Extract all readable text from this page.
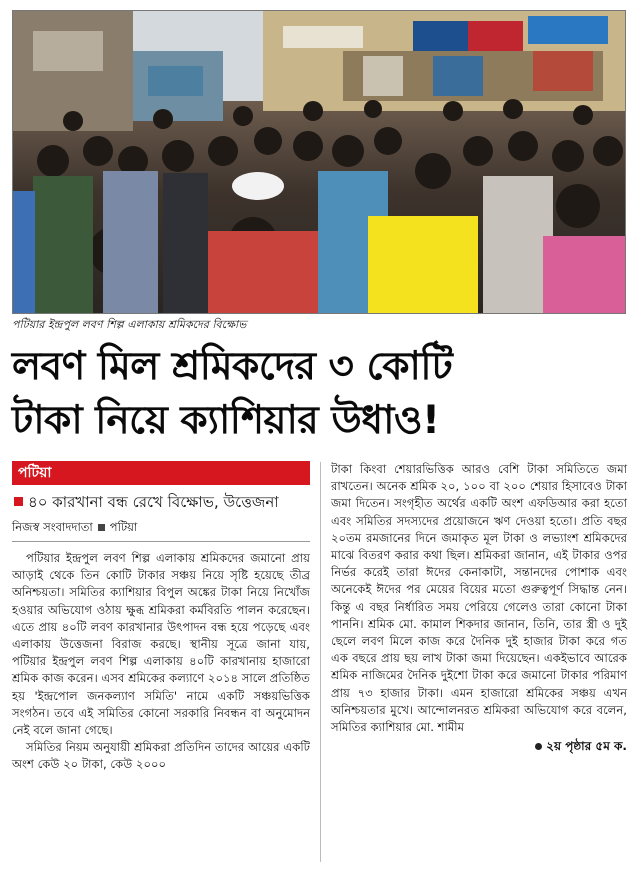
পটিয়ার ইন্দ্রপুল লবণ শিল্প এলাকায় শ্রমিকদের বিক্ষোভ
লবণ মিল শ্রমিকদের ৩ কোটি
টাকা নিয়ে ক্যাশিয়ার উধাও!
পটিয়া
৪০ কারখানা বন্ধ রেখে বিক্ষোভ, উত্তেজনা
নিজস্ব সংবাদদাতা পটিয়া

পটিয়ার ইন্দ্রপুল লবণ শিল্প এলাকায় শ্রমিকদের জমানো প্রায় আড়াই থেকে তিন কোটি টাকার সঞ্চয় নিয়ে সৃষ্টি হয়েছে তীব্র অনিশ্চয়তা। সমিতির ক্যাশিয়ার বিপুল অঙ্কের টাকা নিয়ে নিখোঁজ হওয়ার অভিযোগ ওঠায় ক্ষুব্ধ শ্রমিকরা কর্মবিরতি পালন করেছেন। এতে প্রায় ৪০টি লবণ কারখানার উৎপাদন বন্ধ হয়ে পড়েছে এবং এলাকায় উত্তেজনা বিরাজ করছে। স্থানীয় সূত্রে জানা যায়, পটিয়ার ইন্দ্রপুল লবণ শিল্প এলাকায় ৪০টি কারখানায় হাজারো শ্রমিক কাজ করেন। এসব শ্রমিকের কল্যাণে ২০১৪ সালে প্রতিষ্ঠিত হয় 'ইন্দ্রপোল জনকল্যাণ সমিতি' নামে একটি সঞ্চয়ভিত্তিক সংগঠন। তবে এই সমিতির কোনো সরকারি নিবন্ধন বা অনুমোদন নেই বলে জানা গেছে।

সমিতির নিয়ম অনুযায়ী শ্রমিকরা প্রতিদিন তাদের আয়ের একটি অংশ কেউ ২০ টাকা, কেউ ২০০০

টাকা কিংবা শেয়ারভিত্তিক আরও বেশি টাকা সমিতিতে জমা রাখতেন। অনেক শ্রমিক ২০, ১০০ বা ২০০ শেয়ার হিসাবেও টাকা জমা দিতেন। সংগৃহীত অর্থের একটি অংশ এফডিআর করা হতো এবং সমিতির সদস্যদের প্রয়োজনে ঋণ দেওয়া হতো। প্রতি বছর ২০তম রমজানের দিনে জমাকৃত মূল টাকা ও লভ্যাংশ শ্রমিকদের মাঝে বিতরণ করার কথা ছিল। শ্রমিকরা জানান, এই টাকার ওপর নির্ভর করেই তারা ঈদের কেনাকাটা, সন্তানদের পোশাক এবং অনেকেই ঈদের পর মেয়ের বিয়ের মতো গুরুত্বপূর্ণ সিদ্ধান্ত নেন। কিন্তু এ বছর নির্ধারিত সময় পেরিয়ে গেলেও তারা কোনো টাকা পাননি। শ্রমিক মো. কামাল শিকদার জানান, তিনি, তার স্ত্রী ও দুই ছেলে লবণ মিলে কাজ করে দৈনিক দুই হাজার টাকা করে গত এক বছরে প্রায় ছয় লাখ টাকা জমা দিয়েছেন। একইভাবে আরেক শ্রমিক নাজিমের দৈনিক দুইশো টাকা করে জমানো টাকার পরিমাণ প্রায় ৭৩ হাজার টাকা। এমন হাজারো শ্রমিকের সঞ্চয় এখন অনিশ্চয়তার মুখে। আন্দোলনরত শ্রমিকরা অভিযোগ করে বলেন, সমিতির ক্যাশিয়ার মো. শামীম

২য় পৃষ্ঠার ৫ম ক.
